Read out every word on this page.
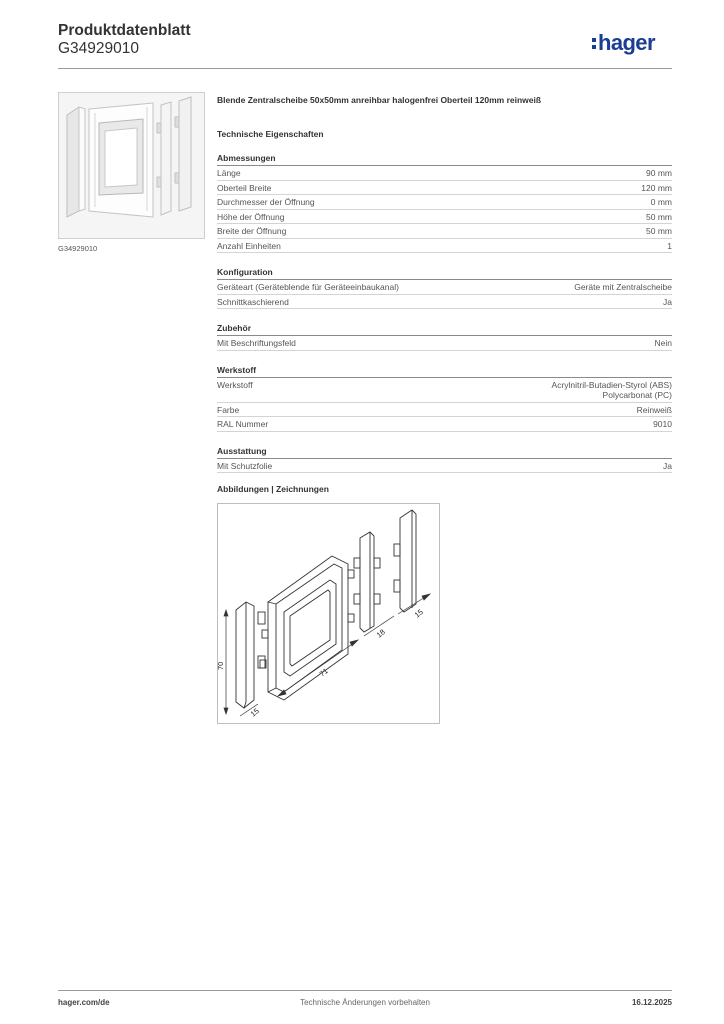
Produktdatenblatt
G34929010	hager
G34929010
Blende Zentralscheibe 50x50mm anreihbar halogenfrei Oberteil 120mm reinweiß
Technische Eigenschaften
Abmessungen
Länge	90 mm
Oberteil Breite	120 mm
Durchmesser der Öffnung	0 mm
Höhe der Öffnung	50 mm
Breite der Öffnung	50 mm
Anzahl Einheiten	1
Konfiguration
Geräteart (Geräteblende für Geräteeinbaukanal)	Geräte mit Zentralscheibe
Schnittkaschierend	Ja
Zubehör
Mit Beschriftungsfeld	Nein
Werkstoff
Werkstoff	Acrylnitril-Butadien-Styrol (ABS)
Polycarbonat (PC)
Farbe	Reinweiß
RAL Nummer	9010
Ausstattung
Mit Schutzfolie	Ja
Abbildungen | Zeichnungen
70
15
71
18
15
hager.com/de	Technische Änderungen vorbehalten	16.12.2025
